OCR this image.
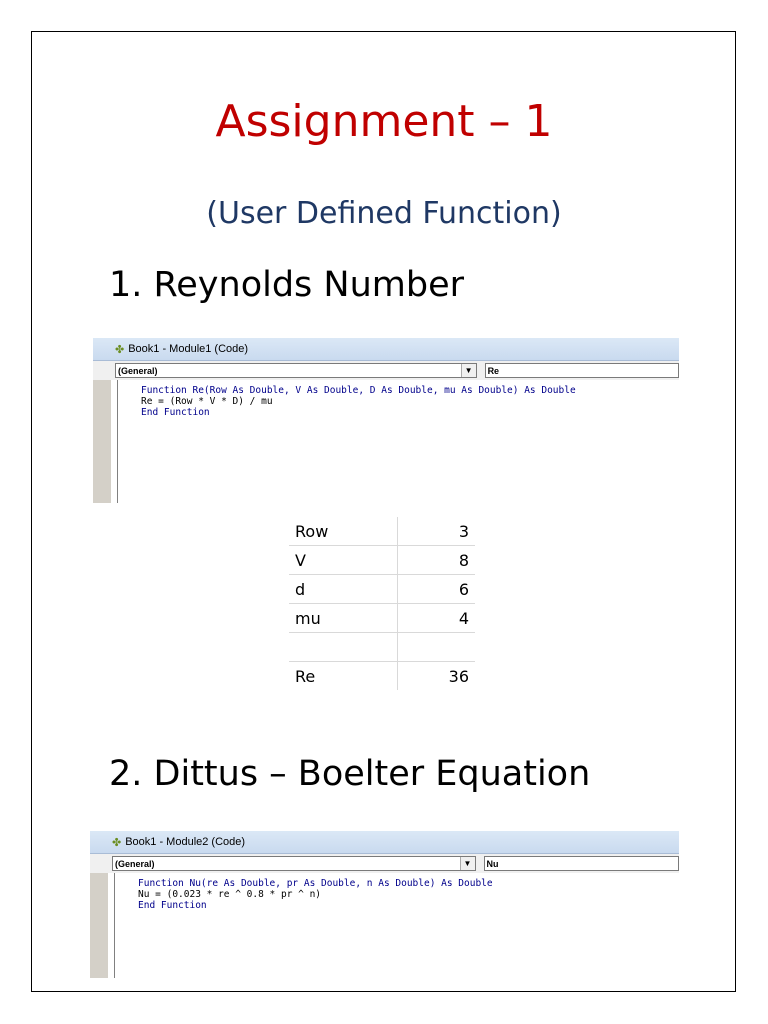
Assignment – 1
(User Defined Function)
1. Reynolds Number
✤ Book1 - Module1 (Code)
(General)	▼	Re
Function Re(Row As Double, V As Double, D As Double, mu As Double) As Double
Re = (Row * V * D) / mu
End Function
Row	3
V	8
d	6
mu	4

Re	36
2. Dittus – Boelter Equation
✤ Book1 - Module2 (Code)
(General)	▼	Nu
Function Nu(re As Double, pr As Double, n As Double) As Double
Nu = (0.023 * re ^ 0.8 * pr ^ n)
End Function
